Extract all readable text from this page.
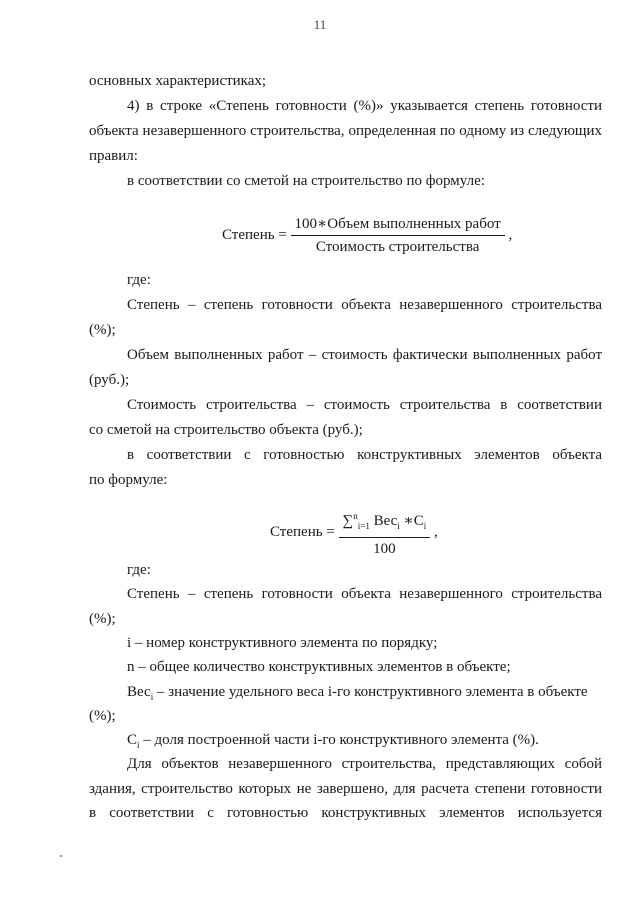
11
основных характеристиках;
4) в строке «Степень готовности (%)» указывается степень готовности
объекта незавершенного строительства, определенная по одному из следующих
правил:
в соответствии со сметой на строительство по формуле:
Степень = $\frac{\text{100∗Объем выполненных работ}}{\text{Стоимость строительства}}$ ,
где:
Степень – степень готовности объекта незавершенного строительства
(%);
Объем выполненных работ – стоимость фактически выполненных работ
(руб.);
Стоимость строительства – стоимость строительства в соответствии
со сметой на строительство объекта (руб.);
в соответствии с готовностью конструктивных элементов объекта
по формуле:
Степень = $\frac{\sum^n_{i=1} Вес_i ∗С_i}{100}$ ,
где:
Степень – степень готовности объекта незавершенного строительства
(%);
i – номер конструктивного элемента по порядку;
n – общее количество конструктивных элементов в объекте;
Вес$_i$ – значение удельного веса i-го конструктивного элемента в объекте
(%);
$С_i$ – доля построенной части i-го конструктивного элемента (%).
Для объектов незавершенного строительства, представляющих собой
здания, строительство которых не завершено, для расчета степени готовности
в соответствии с готовностью конструктивных элементов используется
